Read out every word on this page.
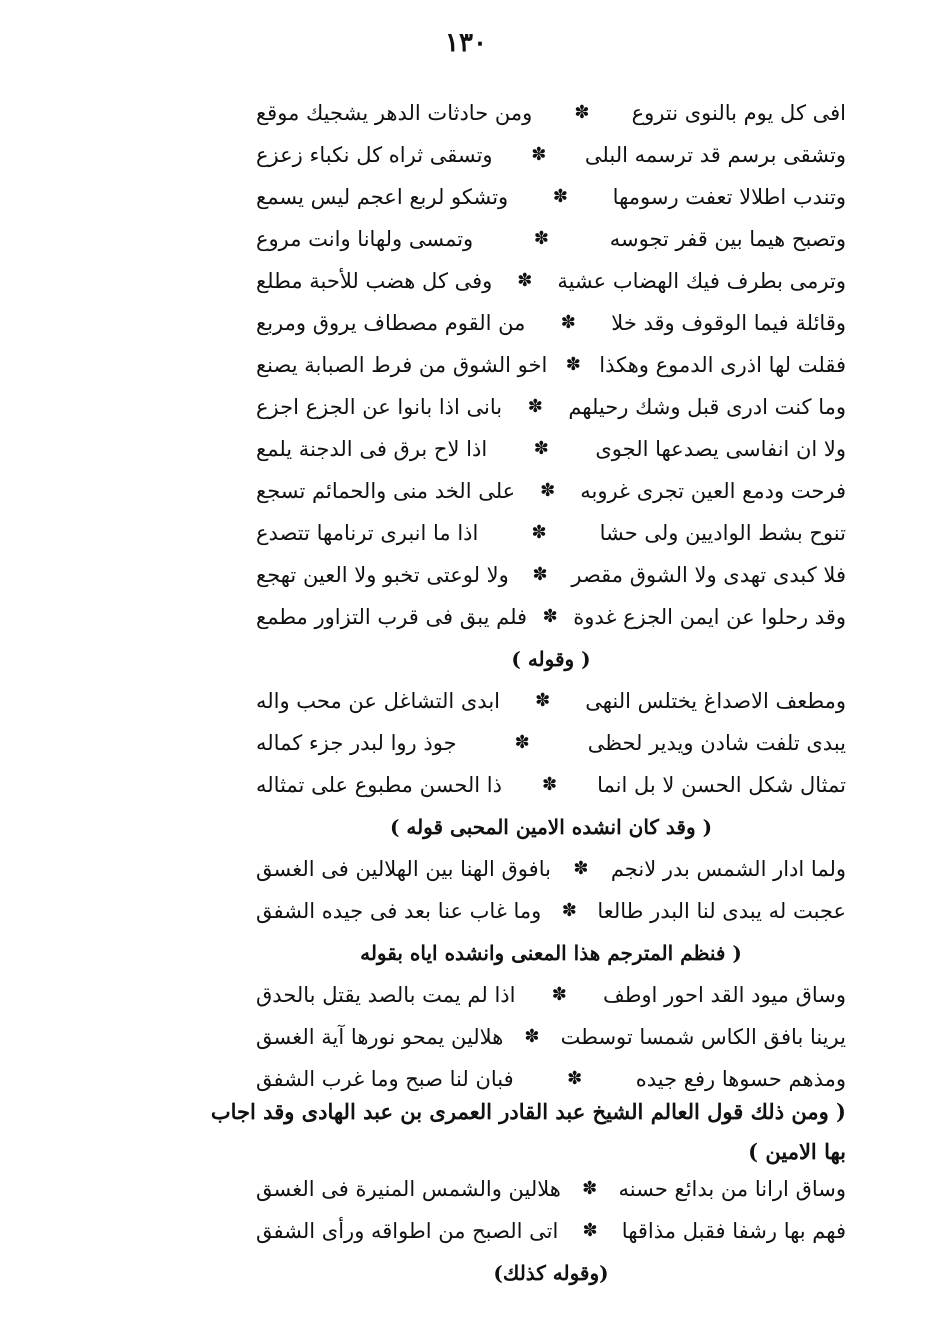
١٣٠
افى كل يوم بالنوى نتروع
✽
ومن حادثات الدهر يشجيك موقع
وتشقى برسم قد ترسمه البلى
✽
وتسقى ثراه كل نكباء زعزع
وتندب اطلالا تعفت رسومها
✽
وتشكو لربع اعجم ليس يسمع
وتصبح هيما بين قفر تجوسه
✽
وتمسى ولهانا وانت مروع
وترمى بطرف فيك الهضاب عشية
✽
وفى كل هضب للأحبة مطلع
وقائلة فيما الوقوف وقد خلا
✽
من القوم مصطاف يروق ومربع
فقلت لها اذرى الدموع وهكذا
✽
اخو الشوق من فرط الصبابة يصنع
وما كنت ادرى قبل وشك رحيلهم
✽
بانى اذا بانوا عن الجزع اجزع
ولا ان انفاسى يصدعها الجوى
✽
اذا لاح برق فى الدجنة يلمع
فرحت ودمع العين تجرى غروبه
✽
على الخد منى والحمائم تسجع
تنوح بشط الواديين ولى حشا
✽
اذا ما انبرى ترنامها تتصدع
فلا كبدى تهدى ولا الشوق مقصر
✽
ولا لوعتى تخبو ولا العين تهجع
وقد رحلوا عن ايمن الجزع غدوة
✽
فلم يبق فى قرب التزاور مطمع
( وقوله )
ومطعف الاصداغ يختلس النهى
✽
ابدى التشاغل عن محب واله
يبدى تلفت شادن ويدير لحظى
✽
جوذ روا لبدر جزء كماله
تمثال شكل الحسن لا بل انما
✽
ذا الحسن مطبوع على تمثاله
( وقد كان انشده الامين المحبى قوله )
ولما ادار الشمس بدر لانجم
✽
بافوق الهنا بين الهلالين فى الغسق
عجبت له يبدى لنا البدر طالعا
✽
وما غاب عنا بعد فى جيده الشفق
( فنظم المترجم هذا المعنى وانشده اياه بقوله
وساق ميود القد احور اوطف
✽
اذا لم يمت بالصد يقتل بالحدق
يرينا بافق الكاس شمسا توسطت
✽
هلالين يمحو نورها آية الغسق
ومذهم حسوها رفع جيده
✽
فبان لنا صبح وما غرب الشفق
( ومن ذلك قول العالم الشيخ عبد القادر العمرى بن عبد الهادى وقد اجاب
بها الامين )
وساق ارانا من بدائع حسنه
✽
هلالين والشمس المنيرة فى الغسق
فهم بها رشفا فقبل مذاقها
✽
اتى الصبح من اطواقه ورأى الشفق
(وقوله كذلك)
